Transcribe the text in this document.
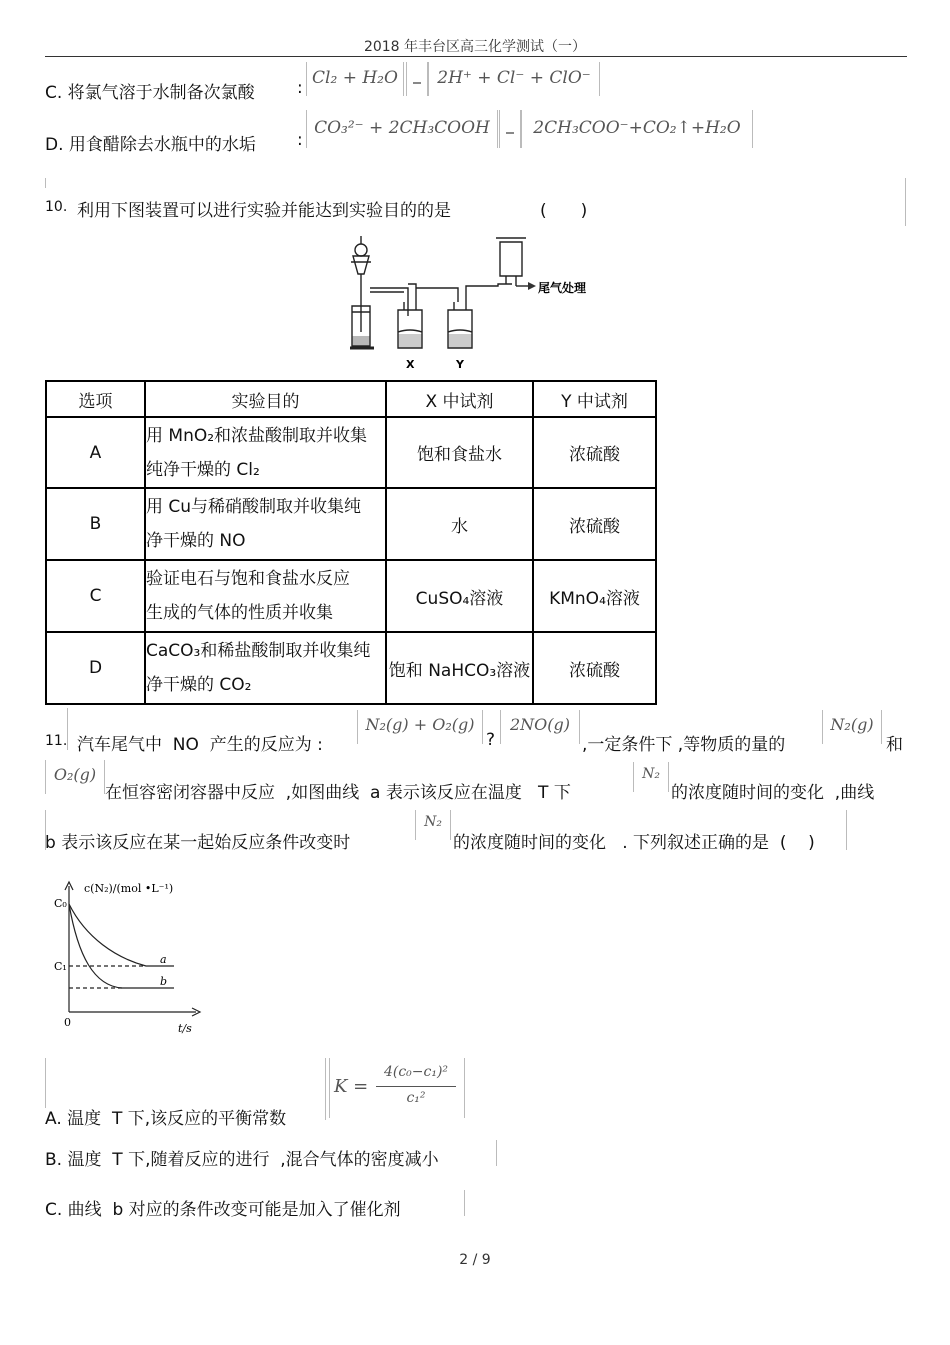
2018 年丰台区高三化学测试（一）
C. 将氯气溶于水制备次氯酸 : Cl₂ + H₂O ⎯ 2H⁺ + Cl⁻ + ClO⁻
D. 用食醋除去水瓶中的水垢 :
CO₃²⁻ + 2CH₃COOH	⎯	2CH₃COO⁻+CO₂↑+H₂O
10. 利用下图装置可以进行实验并能达到实验目的的是	(　　)
X	Y
尾气处理
选项	实验目的	X 中试剂	Y 中试剂
A	用 MnO₂和浓盐酸制取并收集
纯净干燥的 Cl₂	饱和食盐水	浓硫酸
B	用 Cu与稀硝酸制取并收集纯
净干燥的 NO	水	浓硫酸
C	验证电石与饱和食盐水反应
生成的气体的性质并收集	CuSO₄溶液	KMnO₄溶液
D	CaCO₃和稀盐酸制取并收集纯
净干燥的 CO₂	饱和 NaHCO₃溶液	浓硫酸
11. 汽车尾气中  NO  产生的反应为 :
N₂(g) + O₂(g)
?
2NO(g)
,一定条件下 ,等物质的量的
N₂(g)
和
O₂(g)
在恒容密闭容器中反应  ,如图曲线  a 表示该反应在温度   T 下
N₂
的浓度随时间的变化  ,曲线
b 表示该反应在某一起始反应条件改变时
N₂
的浓度随时间的变化   . 下列叙述正确的是  (    )
c(N₂)/(mol •L⁻¹)
C₀
C₁
0	t/s
a
b
A. 温度  T 下,该反应的平衡常数
K =
4(c₀−c₁)²
c₁²
B. 温度  T 下,随着反应的进行  ,混合气体的密度减小
C. 曲线  b 对应的条件改变可能是加入了催化剂
2 / 9
